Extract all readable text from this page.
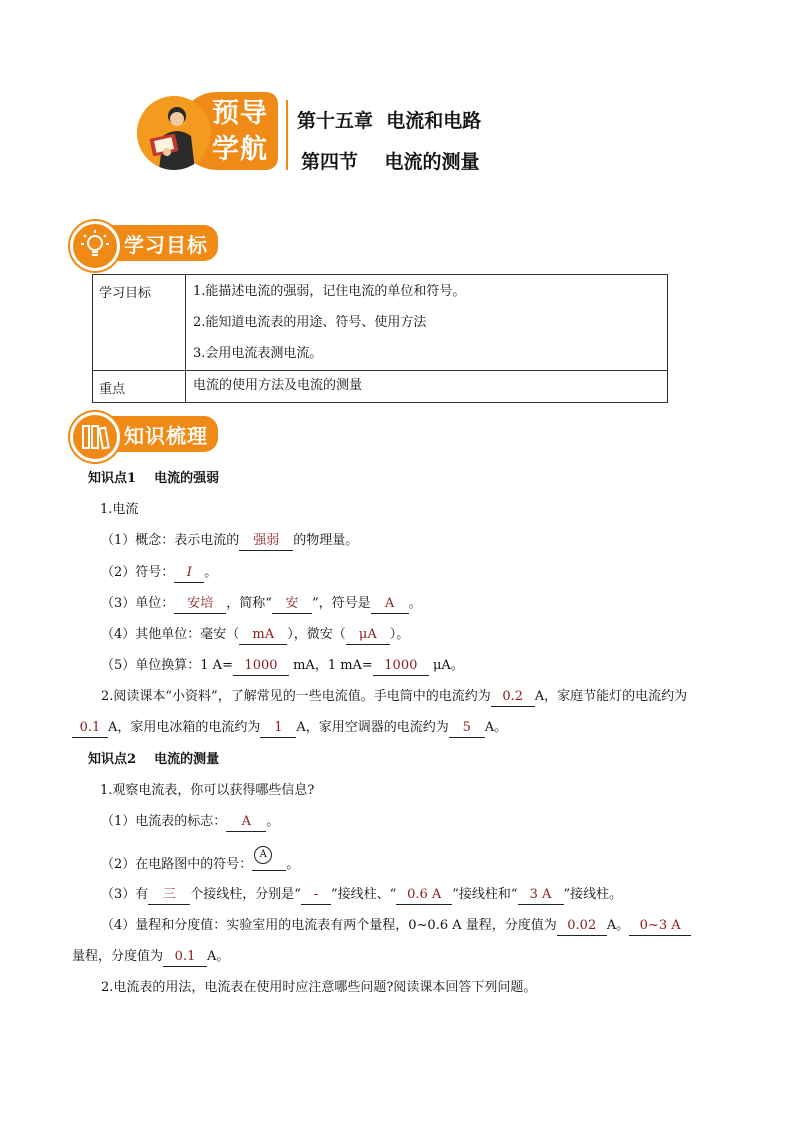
预导
学航
第十五章  电流和电路
第四节    电流的测量
学习目标
学习目标	1.能描述电流的强弱，记住电流的单位和符号。
2.能知道电流表的用途、符号、使用方法
3.会用电流表测电流。

重点	电流的使用方法及电流的测量
知识梳理
知识点1    电流的强弱
1.电流
（1）概念：表示电流的 强弱 的物理量。
（2）符号： I 。
（3）单位： 安培 ，简称“ 安 ”，符号是 A 。
（4）其他单位：毫安（ mA ），微安（ μA ）。
（5）单位换算：1 A= 1000 mA，1 mA= 1000 μA。
2.阅读课本“小资料”，了解常见的一些电流值。手电筒中的电流约为 0.2 A，家庭节能灯的电流约为
0.1 A，家用电冰箱的电流约为 1 A，家用空调器的电流约为 5 A。
知识点2    电流的测量
1.观察电流表，你可以获得哪些信息?
（1）电流表的标志： A 。
（2）在电路图中的符号：
A
。
（3）有 三 个接线柱，分别是“ - ”接线柱、“ 0.6 A ”接线柱和“ 3 A ”接线柱。
（4）量程和分度值：实验室用的电流表有两个量程，0~0.6 A 量程，分度值为 0.02 A。 0~3 A
量程，分度值为 0.1 A。
2.电流表的用法，电流表在使用时应注意哪些问题?阅读课本回答下列问题。
